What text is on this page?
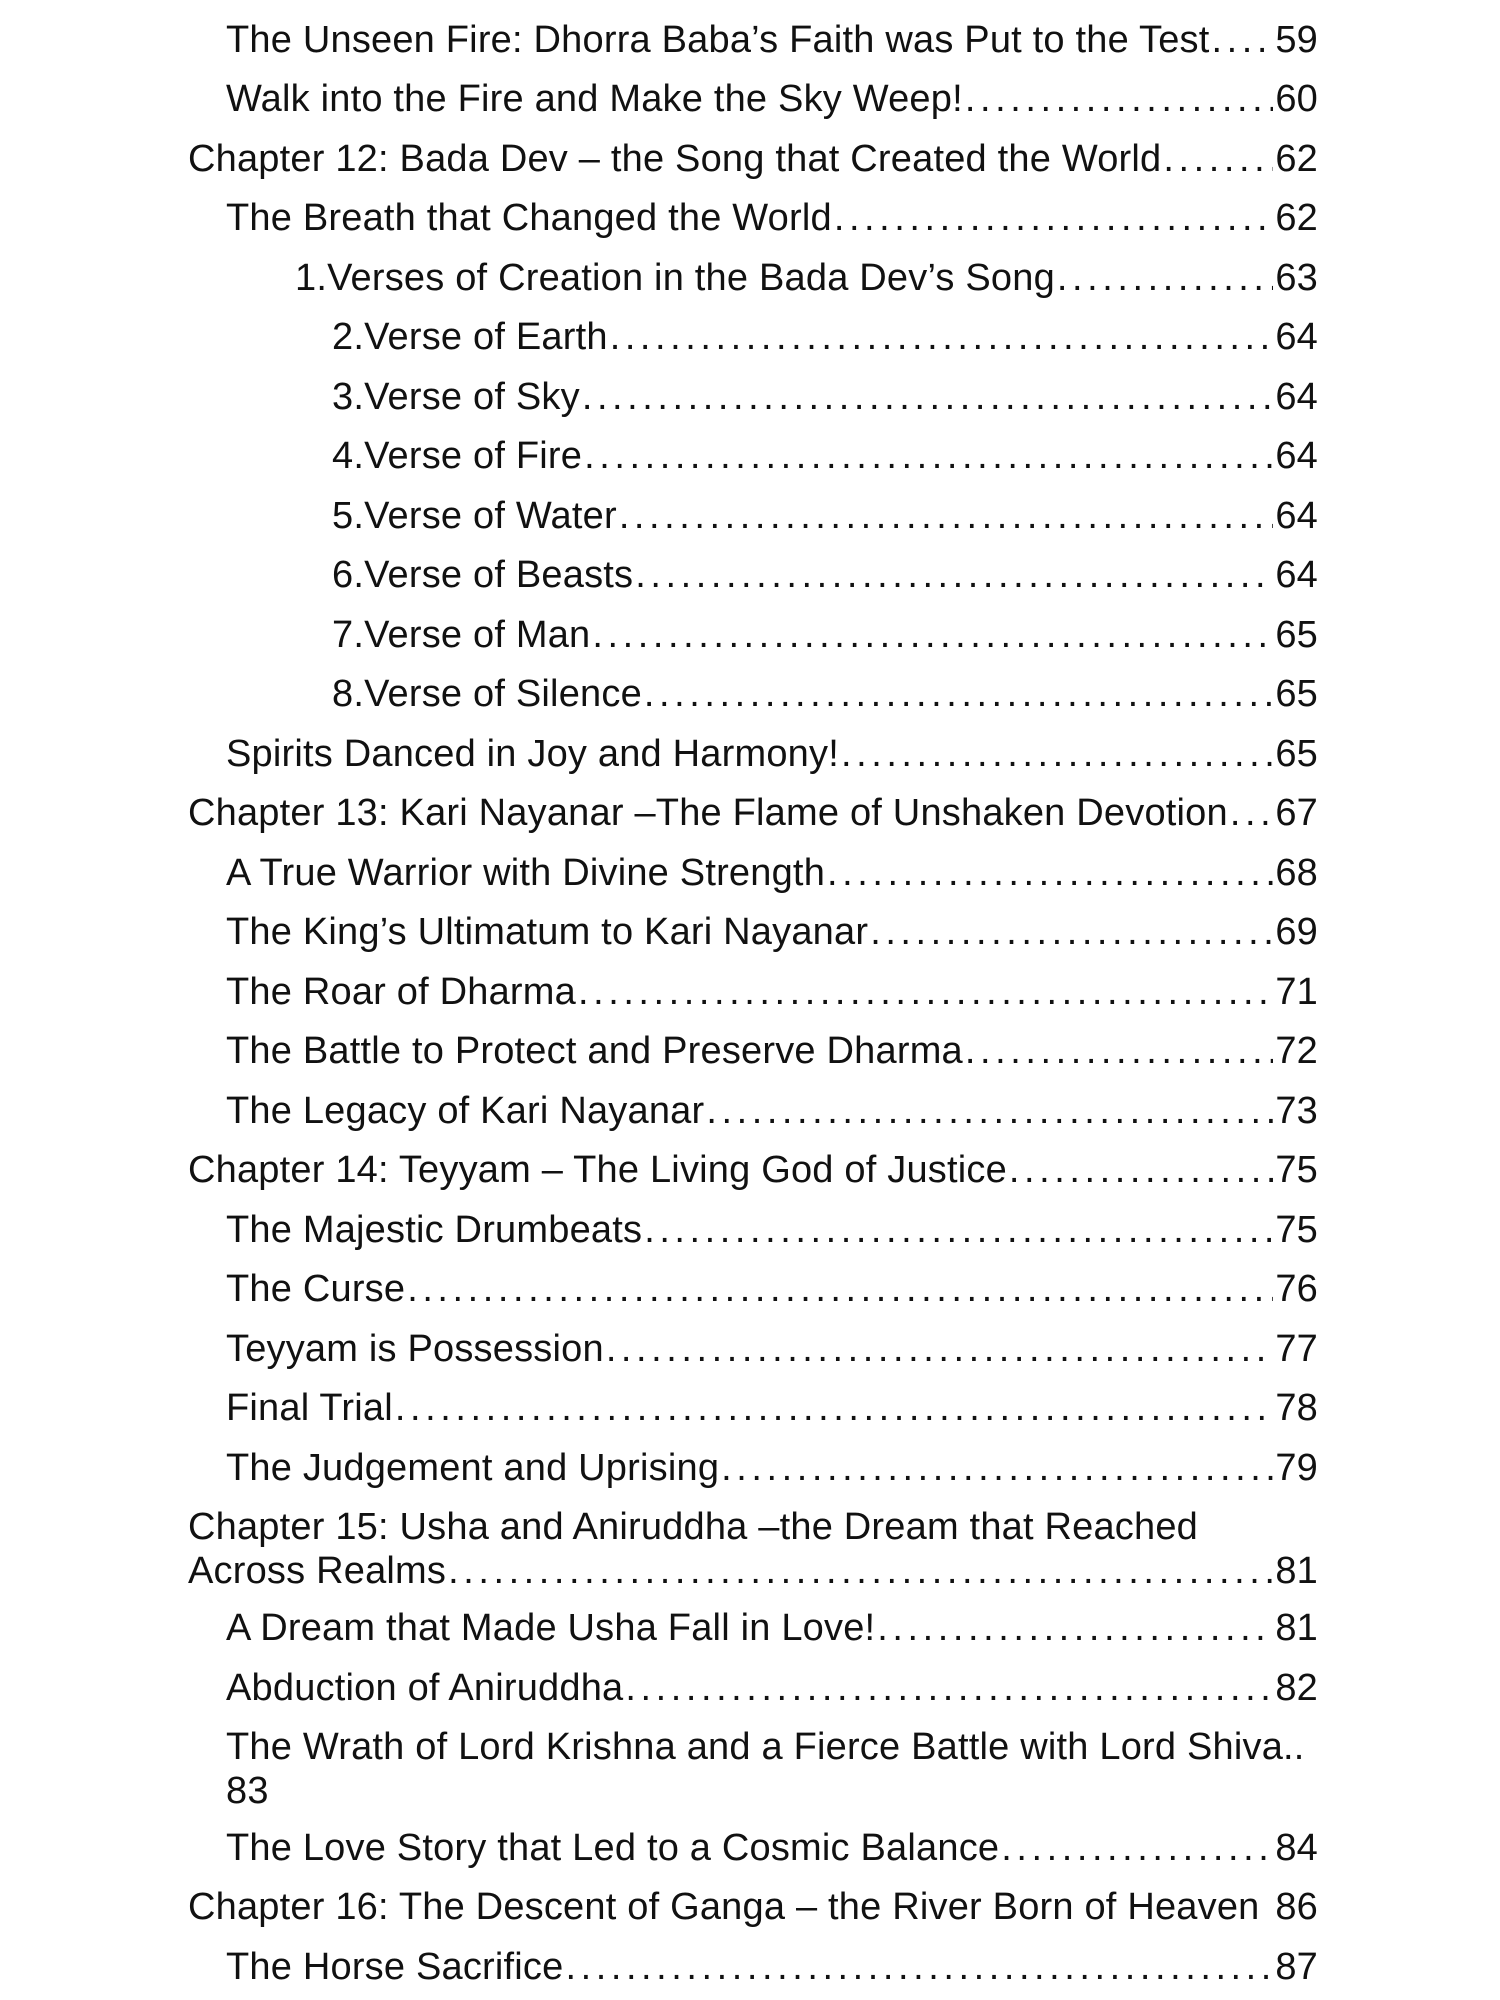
The Unseen Fire: Dhorra Baba’s Faith was Put to the Test . . . 59
Walk into the Fire and Make the Sky Weep! . . .	60
Chapter 12: Bada Dev – the Song that Created the World . . .	62
The Breath that Changed the World . . .	62
1. Verses of Creation in the Bada Dev’s Song . . .	63
2. Verse of Earth . . .	64
3. Verse of Sky . . .	64
4. Verse of Fire . . .	64
5. Verse of Water . . .	64
6. Verse of Beasts . . .	64
7. Verse of Man . . .	65
8. Verse of Silence . . .	65
Spirits Danced in Joy and Harmony! . . .	65
Chapter 13: Kari Nayanar –The Flame of Unshaken Devotion . . . 67
A True Warrior with Divine Strength . . .	68
The King’s Ultimatum to Kari Nayanar . . .	69
The Roar of Dharma . . .	71
The Battle to Protect and Preserve Dharma . . .	72
The Legacy of Kari Nayanar . . .	73
Chapter 14: Teyyam – The Living God of Justice . . .	75
The Majestic Drumbeats . . .	75
The Curse . . .	76
Teyyam is Possession . . .	77
Final Trial . . .	78
The Judgement and Uprising . . .	79
Chapter 15: Usha and Aniruddha –the Dream that Reached
Across Realms . . .	81
A Dream that Made Usha Fall in Love! . . .	81
Abduction of Aniruddha . . .	82
The Wrath of Lord Krishna and a Fierce Battle with Lord Shiva..
83
The Love Story that Led to a Cosmic Balance . . .	84
Chapter 16: The Descent of Ganga – the River Born of Heaven 86
The Horse Sacrifice . . .	87
